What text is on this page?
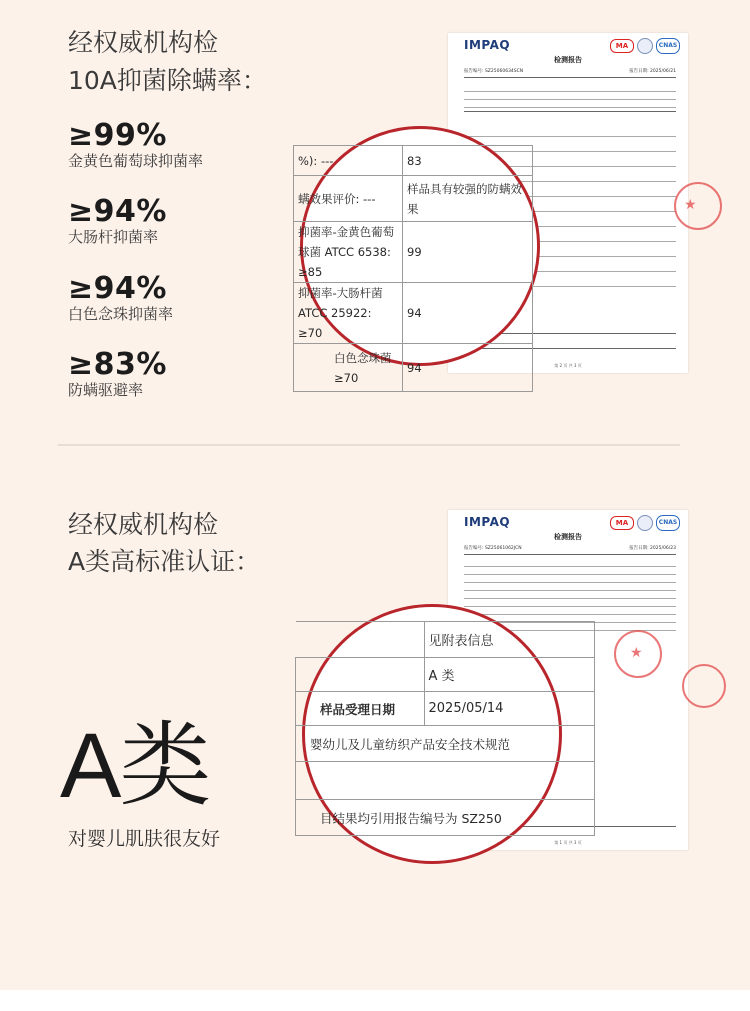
经权威机构检
10A抑菌除螨率：
≥99%
金黄色葡萄球抑菌率
≥94%
大肠杆抑菌率
≥94%
白色念珠抑菌率
≥83%
防螨驱避率
IMPAQ	MA	CNAS
检测报告
报告编号: SZ25060634SCN	报告日期: 2025/06/21
第 2 页 共 3 页
★
%): ---	83
螨效果评价: ---	样品具有较强的防螨效果
抑菌率-金黄色葡萄球菌 ATCC 6538: ≥85	99
抑菌率-大肠杆菌 ATCC 25922: ≥70	94
白色念珠菌 ≥70	94
经权威机构检
A类高标准认证：
A类
对婴儿肌肤很友好
IMPAQ	MA	CNAS
检测报告
报告编号: SZ25061062JCN	报告日期: 2025/06/23
第 1 页 共 3 页
★
	见附表信息
	A 类
样品受理日期	2025/05/14
婴幼儿及儿童纺织产品安全技术规范	

目结果均引用报告编号为 SZ250	
